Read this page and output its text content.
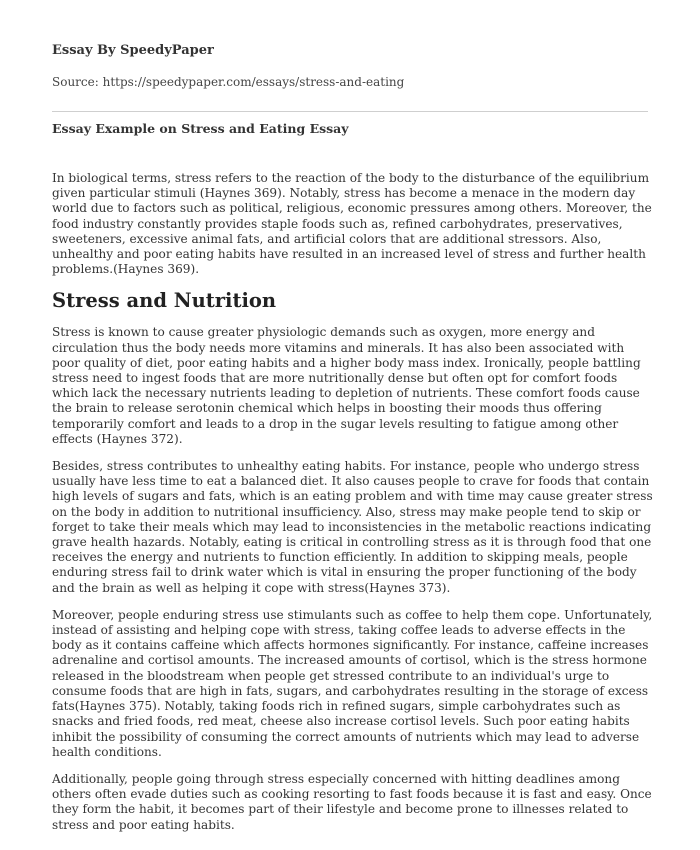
Essay By SpeedyPaper
Source: https://speedypaper.com/essays/stress-and-eating
Essay Example on Stress and Eating Essay

In biological terms, stress refers to the reaction of the body to the disturbance of the equilibrium given particular stimuli (Haynes 369). Notably, stress has become a menace in the modern day world due to factors such as political, religious, economic pressures among others. Moreover, the food industry constantly provides staple foods such as, refined carbohydrates, preservatives, sweeteners, excessive animal fats, and artificial colors that are additional stressors. Also, unhealthy and poor eating habits have resulted in an increased level of stress and further health problems.(Haynes 369).

Stress and Nutrition

Stress is known to cause greater physiologic demands such as oxygen, more energy and circulation thus the body needs more vitamins and minerals. It has also been associated with poor quality of diet, poor eating habits and a higher body mass index. Ironically, people battling stress need to ingest foods that are more nutritionally dense but often opt for comfort foods which lack the necessary nutrients leading to depletion of nutrients. These comfort foods cause the brain to release serotonin chemical which helps in boosting their moods thus offering temporarily comfort and leads to a drop in the sugar levels resulting to fatigue among other effects (Haynes 372).

Besides, stress contributes to unhealthy eating habits. For instance, people who undergo stress usually have less time to eat a balanced diet. It also causes people to crave for foods that contain high levels of sugars and fats, which is an eating problem and with time may cause greater stress on the body in addition to nutritional insufficiency. Also, stress may make people tend to skip or forget to take their meals which may lead to inconsistencies in the metabolic reactions indicating grave health hazards. Notably, eating is critical in controlling stress as it is through food that one receives the energy and nutrients to function efficiently. In addition to skipping meals, people enduring stress fail to drink water which is vital in ensuring the proper functioning of the body and the brain as well as helping it cope with stress(Haynes 373).

Moreover, people enduring stress use stimulants such as coffee to help them cope. Unfortunately, instead of assisting and helping cope with stress, taking coffee leads to adverse effects in the body as it contains caffeine which affects hormones significantly. For instance, caffeine increases adrenaline and cortisol amounts. The increased amounts of cortisol, which is the stress hormone released in the bloodstream when people get stressed contribute to an individual's urge to consume foods that are high in fats, sugars, and carbohydrates resulting in the storage of excess fats(Haynes 375). Notably, taking foods rich in refined sugars, simple carbohydrates such as snacks and fried foods, red meat, cheese also increase cortisol levels. Such poor eating habits inhibit the possibility of consuming the correct amounts of nutrients which may lead to adverse health conditions.

Additionally, people going through stress especially concerned with hitting deadlines among others often evade duties such as cooking resorting to fast foods because it is fast and easy. Once they form the habit, it becomes part of their lifestyle and become prone to illnesses related to stress and poor eating habits.
